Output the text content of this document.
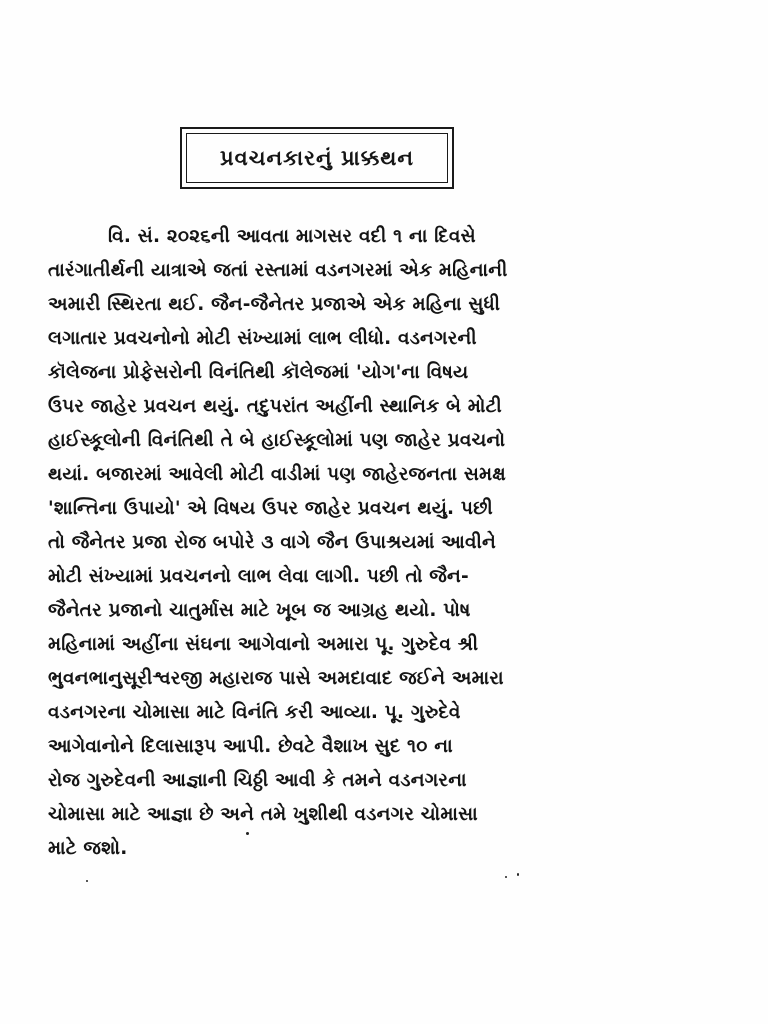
પ્રવચનકારનું પ્રાક્કથન
વિ. સં. ૨૦૨૬ની આવતા માગસર વદી ૧ ના દિવસે
તારંગાતીર્થની યાત્રાએ જતાં રસ્તામાં વડનગરમાં એક મહિનાની
અમારી સ્થિરતા થઈ. જૈન-જૈનેતર પ્રજાએ એક મહિના સુધી
લગાતાર પ્રવચનોનો મોટી સંખ્યામાં લાભ લીધો. વડનગરની
કૉલેજના પ્રોફેસરોની વિનંતિથી કૉલેજમાં 'યોગ'ના વિષય
ઉપર જાહેર પ્રવચન થયું. તદુપરાંત અહીંની સ્થાનિક બે મોટી
હાઈસ્કૂલોની વિનંતિથી તે બે હાઈસ્કૂલોમાં પણ જાહેર પ્રવચનો
થયાં. બજારમાં આવેલી મોટી વાડીમાં પણ જાહેરજનતા સમક્ષ
'શાન્તિના ઉપાયો' એ વિષય ઉપર જાહેર પ્રવચન થયું. પછી
તો જૈનેતર પ્રજા રોજ બપોરે ૩ વાગે જૈન ઉપાશ્રયમાં આવીને
મોટી સંખ્યામાં પ્રવચનનો લાભ લેવા લાગી. પછી તો જૈન-
જૈનેતર પ્રજાનો ચાતુર્માસ માટે ખૂબ જ આગ્રહ થયો. પોષ
મહિનામાં અહીંના સંઘના આગેવાનો અમારા પૂ. ગુરુદેવ શ્રી
ભુવનભાનુસૂરીશ્વરજી મહારાજ પાસે અમદાવાદ જઈને અમારા
વડનગરના ચોમાસા માટે વિનંતિ કરી આવ્યા. પૂ. ગુરુદેવે
આગેવાનોને દિલાસારૂપ આપી. છેવટે વૈશાખ સુદ ૧૦ ના
રોજ ગુરુદેવની આજ્ઞાની ચિઠ્ઠી આવી કે તમને વડનગરના
ચોમાસા માટે આજ્ઞા છે અને તમે ખુશીથી વડનગર ચોમાસા
માટે જશો.
